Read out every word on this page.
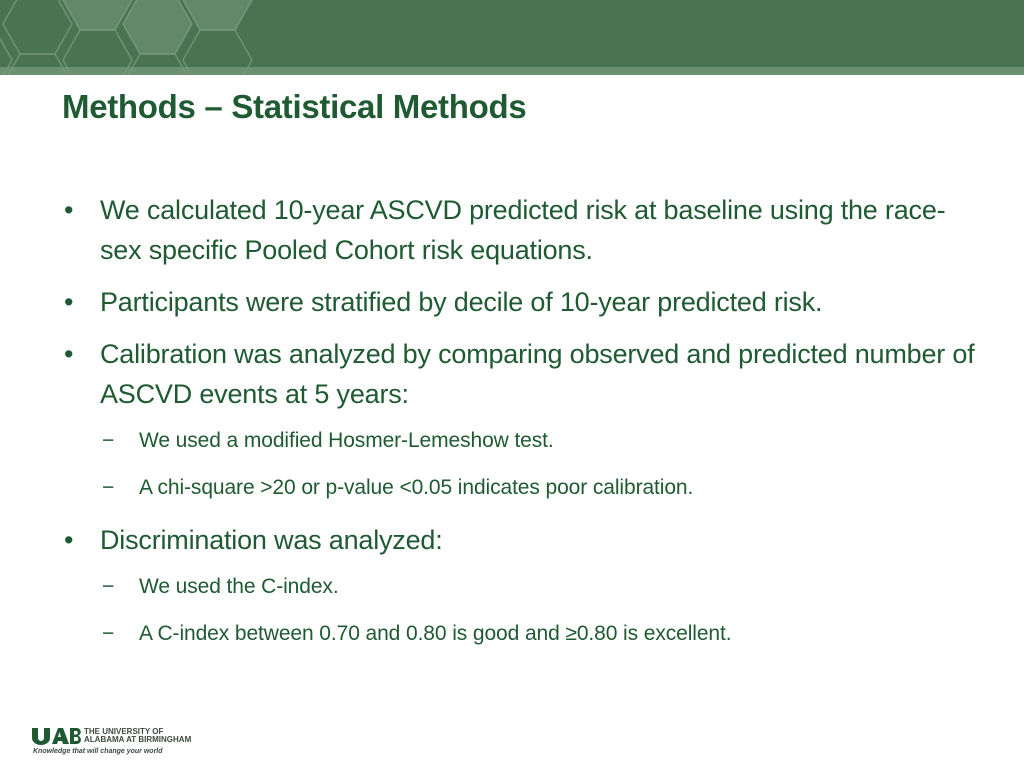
Methods – Statistical Methods
• We calculated 10-year ASCVD predicted risk at baseline using the race-sex specific Pooled Cohort risk equations.
• Participants were stratified by decile of 10-year predicted risk.
• Calibration was analyzed by comparing observed and predicted number of ASCVD events at 5 years:
− We used a modified Hosmer-Lemeshow test.
− A chi-square >20 or p-value <0.05 indicates poor calibration.
• Discrimination was analyzed:
− We used the C-index.
− A C-index between 0.70 and 0.80 is good and ≥0.80 is excellent.
THE UNIVERSITY OF
ALABAMA AT BIRMINGHAM
Knowledge that will change your world
